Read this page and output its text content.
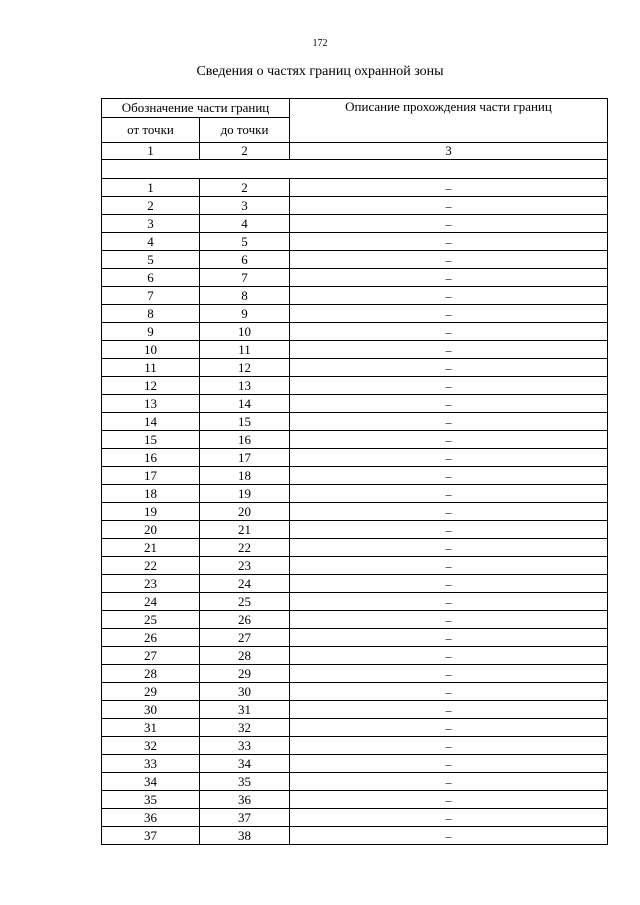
172
Сведения о частях границ охранной зоны
Обозначение части границ		Описание прохождения части границ
от точки	до точки	
1	2	3

1	2	–
2	3	–
3	4	–
4	5	–
5	6	–
6	7	–
7	8	–
8	9	–
9	10	–
10	11	–
11	12	–
12	13	–
13	14	–
14	15	–
15	16	–
16	17	–
17	18	–
18	19	–
19	20	–
20	21	–
21	22	–
22	23	–
23	24	–
24	25	–
25	26	–
26	27	–
27	28	–
28	29	–
29	30	–
30	31	–
31	32	–
32	33	–
33	34	–
34	35	–
35	36	–
36	37	–
37	38	–
